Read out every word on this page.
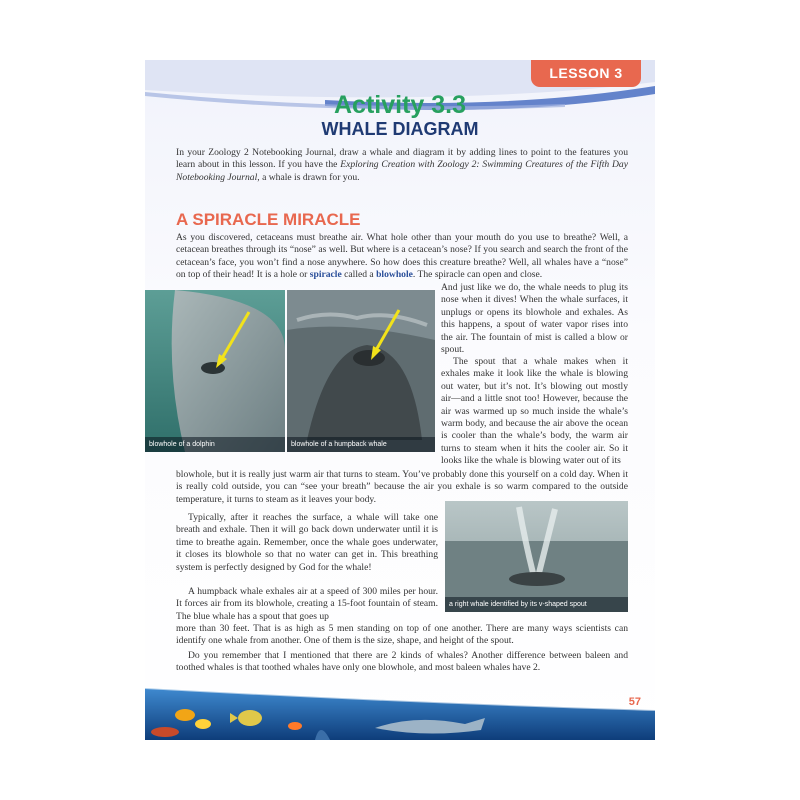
LESSON 3
Activity 3.3
WHALE DIAGRAM

In your Zoology 2 Notebooking Journal, draw a whale and diagram it by adding lines to point to the features you learn about in this lesson. If you have the Exploring Creation with Zoology 2: Swimming Creatures of the Fifth Day Notebooking Journal, a whale is drawn for you.

A SPIRACLE MIRACLE

As you discovered, cetaceans must breathe air. What hole other than your mouth do you use to breathe? Well, a cetacean breathes through its “nose” as well. But where is a cetacean’s nose? If you search and search the front of the cetacean’s face, you won’t find a nose anywhere. So how does this creature breathe? Well, all whales have a “nose” on top of their head! It is a hole or spiracle called a blowhole. The spiracle can open and close.

blowhole of a dolphin	blowhole of a humpback whale

And just like we do, the whale needs to plug its nose when it dives! When the whale surfaces, it unplugs or opens its blowhole and exhales. As this happens, a spout of water vapor rises into the air. The fountain of mist is called a blow or spout.

The spout that a whale makes when it exhales make it look like the whale is blowing out water, but it’s not. It’s blowing out mostly air—and a little snot too! However, because the air was warmed up so much inside the whale’s warm body, and because the air above the ocean is cooler than the whale’s body, the warm air turns to steam when it hits the cooler air. So it looks like the whale is blowing water out of its

blowhole, but it is really just warm air that turns to steam. You’ve probably done this yourself on a cold day. When it is really cold outside, you can “see your breath” because the air you exhale is so warm compared to the outside temperature, it turns to steam as it leaves your body.

Typically, after it reaches the surface, a whale will take one breath and exhale. Then it will go back down underwater until it is time to breathe again. Remember, once the whale goes underwater, it closes its blowhole so that no water can get in. This breathing system is perfectly designed by God for the whale!

a right whale identified by its v-shaped spout

A humpback whale exhales air at a speed of 300 miles per hour. It forces air from its blowhole, creating a 15-foot fountain of steam. The blue whale has a spout that goes up

more than 30 feet. That is as high as 5 men standing on top of one another. There are many ways scientists can identify one whale from another. One of them is the size, shape, and height of the spout.

Do you remember that I mentioned that there are 2 kinds of whales? Another difference between baleen and toothed whales is that toothed whales have only one blowhole, and most baleen whales have 2.

57
